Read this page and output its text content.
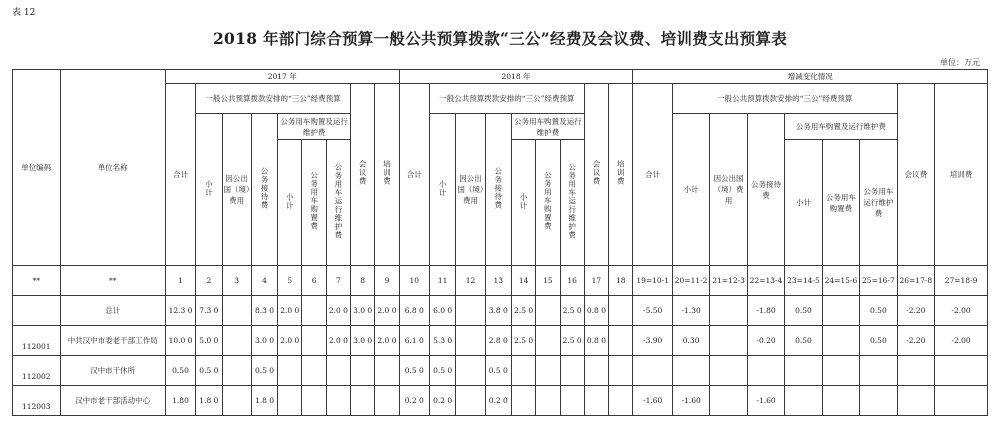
表 12
2018 年部门综合预算一般公共预算拨款“三公”经费及会议费、培训费支出预算表
单位：万元
单位编码	单位名称	2017 年									2018 年									增减变化情况								
		合计	一般公共预算拨款安排的“三公”经费预算						会议费	培训费	合计	一般公共预算拨款安排的“三公”经费预算						会议费	培训费	合计	一般公共预算拨款安排的“三公”经费预算						会议费	培训费
			小计	因公出国（境）费用	公务接待费	公务用车购置及运行维护费						小计	因公出国（境）费用	公务接待费	公务用车购置及运行维护费						小计	因公出国（境）费用	公务接待费	公务用车购置及运行维护费				
						小计	公务用车购置费	公务用车运行维护费							小计	公务用车购置费	公务用车运行维护费							小计	公务用车购置费	公务用车运行维护费		

**	**	1	2	3	4	5	6	7	8	9	10	11	12	13	14	15	16	17	18	19=10-1	20=11-2	21=12-3	22=13-4	23=14-5	24=15-6	25=16-7	26=17-8	27=18-9
	总计	12.3 0	7.3 0		8.3 0	2.0 0		2.0 0	3.0 0	2.0 0	6.8 0	6.0 0		3.8 0	2.5 0		2.5 0	0.8 0		-5.50	-1.30		-1.80	0.50		0.50	-2.20	-2.00
112001	中共汉中市委老干部工作局	10.0 0	5.0 0		3.0 0	2.0 0		2.0 0	3.0 0	2.0 0	6.1 0	5.3 0		2.8 0	2.5 0		2.5 0	0.8 0		-3.90	0.30		-0.20	0.50		0.50	-2.20	-2.00
112002	汉中市干休所	0.50	0.5 0		0.5 0						0.5 0	0.5 0		0.5 0														
112003	汉中市老干部活动中心	1.80	1.8 0		1.8 0						0.2 0	0.2 0		0.2 0						-1.60	-1.60		-1.60					
